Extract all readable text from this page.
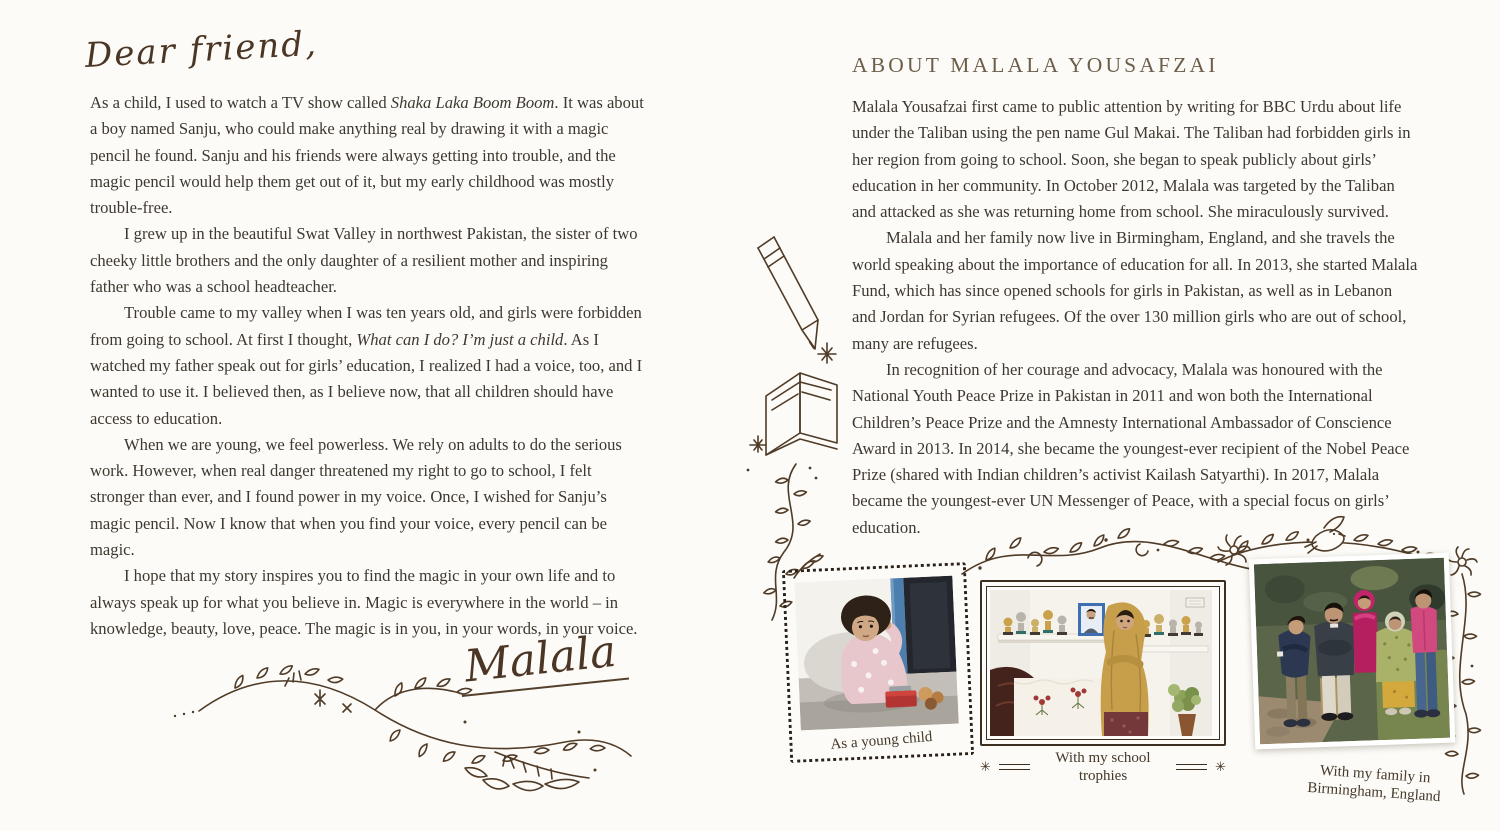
Dear friend,

As a child, I used to watch a TV show called Shaka Laka Boom Boom. It was about a boy named Sanju, who could make anything real by drawing it with a magic pencil he found. Sanju and his friends were always getting into trouble, and the magic pencil would help them get out of it, but my early childhood was mostly trouble-free.

I grew up in the beautiful Swat Valley in northwest Pakistan, the sister of two cheeky little brothers and the only daughter of a resilient mother and inspiring father who was a school headteacher.

Trouble came to my valley when I was ten years old, and girls were forbidden from going to school. At first I thought, What can I do? I’m just a child. As I watched my father speak out for girls’ education, I realized I had a voice, too, and I wanted to use it. I believed then, as I believe now, that all children should have access to education.

When we are young, we feel powerless. We rely on adults to do the serious work. However, when real danger threatened my right to go to school, I felt stronger than ever, and I found power in my voice. Once, I wished for Sanju’s magic pencil. Now I know that when you find your voice, every pencil can be magic.

I hope that my story inspires you to find the magic in your own life and to always speak up for what you believe in. Magic is everywhere in the world – in knowledge, beauty, love, peace. The magic is in you, in your words, in your voice.

Malala
ABOUT MALALA YOUSAFZAI

Malala Yousafzai first came to public attention by writing for BBC Urdu about life under the Taliban using the pen name Gul Makai. The Taliban had forbidden girls in her region from going to school. Soon, she began to speak publicly about girls’ education in her community. In October 2012, Malala was targeted by the Taliban and attacked as she was returning home from school. She miraculously survived.

Malala and her family now live in Birmingham, England, and she travels the world speaking about the importance of education for all. In 2013, she started Malala Fund, which has since opened schools for girls in Pakistan, as well as in Lebanon and Jordan for Syrian refugees. Of the over 130 million girls who are out of school, many are refugees.

In recognition of her courage and advocacy, Malala was honoured with the National Youth Peace Prize in Pakistan in 2011 and won both the International Children’s Peace Prize and the Amnesty International Ambassador of Conscience Award in 2013. In 2014, she became the youngest-ever recipient of the Nobel Peace Prize (shared with Indian children’s activist Kailash Satyarthi). In 2017, Malala became the youngest-ever UN Messenger of Peace, with a special focus on girls’ education.

As a young child
✳
With my school trophies
✳	With my family in Birmingham, England
